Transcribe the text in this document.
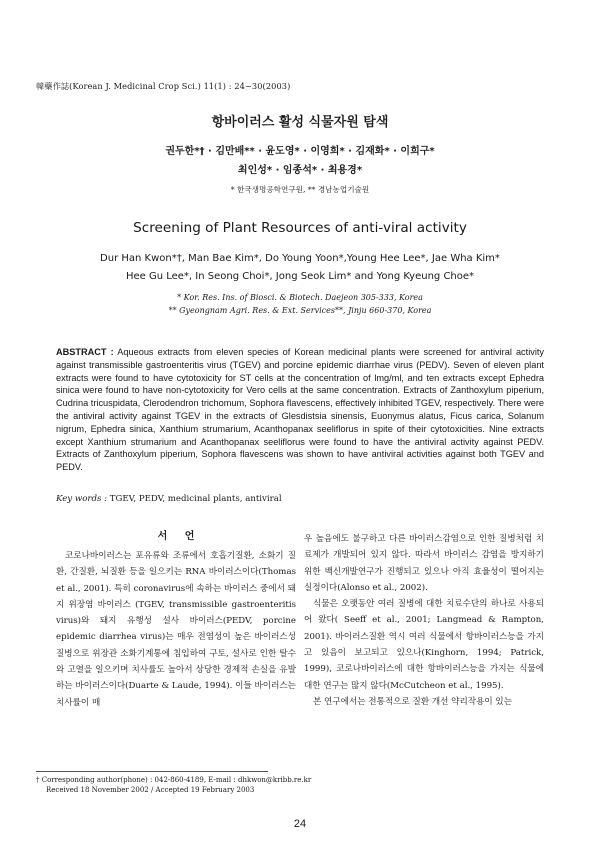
韓藥作誌(Korean J. Medicinal Crop Sci.) 11(1) : 24~30(2003)
항바이러스 활성 식물자원 탐색
권두한*† · 김만배** · 윤도영* · 이영희* · 김재화* · 이희구*
최인성* · 임종석* · 최용경*
* 한국생명공학연구원, ** 경남농업기술원
Screening of Plant Resources of anti-viral activity
Dur Han Kwon*†, Man Bae Kim*, Do Young Yoon*,Young Hee Lee*, Jae Wha Kim*
Hee Gu Lee*, In Seong Choi*, Jong Seok Lim* and Yong Kyeung Choe*
* Kor. Res. Ins. of Biosci. & Biotech. Daejeon 305-333, Korea
** Gyeongnam Agri. Res. & Ext. Services**, Jinju 660-370, Korea

ABSTRACT : Aqueous extracts from eleven species of Korean medicinal plants were screened for antiviral activity against transmissible gastroenteritis virus (TGEV) and porcine epidemic diarrhae virus (PEDV). Seven of eleven plant extracts were found to have cytotoxicity for ST cells at the concentration of lmg/ml, and ten extracts except Ephedra sinica were found to have non-cytotoxicity for Vero cells at the same concentration. Extracts of Zanthoxylum piperium, Cudrina tricuspidata, Clerodendron trichomum, Sophora flavescens, effectively inhibited TGEV, respectively. There were the antiviral activity against TGEV in the extracts of Glesdistsia sinensis, Euonymus alatus, Ficus carica, Solanum nigrum, Ephedra sinica, Xanthium strumarium, Acanthopanax seeliflorus in spite of their cytotoxicities. Nine extracts except Xanthium strumarium and Acanthopanax seeliflorus were found to have the antiviral activity against PEDV. Extracts of Zanthoxylum piperium, Sophora flavescens was shown to have antiviral activities against both TGEV and PEDV.

Key words : TGEV, PEDV, medicinal plants, antiviral

서 언

코로나바이러스는 포유류와 조류에서 호흡기질환, 소화기 질환, 간질환, 뇌질환 등을 일으키는 RNA 바이러스이다(Thomas et al., 2001). 특히 coronavirus에 속하는 바이러스 중에서 돼지 위장염 바이러스 (TGEV, transmissible gastroenteritis virus)와 돼지 유행성 설사 바이러스(PEDV, porcine epidemic diarrhea virus)는 매우 전염성이 높은 바이러스성 질병으로 위장관 소화기계통에 침입하여 구토, 설사로 인한 탈수와 고열을 일으키며 치사률도 높아서 상당한 경제적 손실을 유발하는 바이러스이다(Duarte & Laude, 1994). 이들 바이러스는 치사률이 매

우 높음에도 불구하고 다른 바이러스감염으로 인한 질병처럼 치료제가 개발되어 있지 않다. 따라서 바이러스 감염을 방지하기 위한 백신개발연구가 진행되고 있으나 아직 효율성이 떨어지는 실정이다(Alonso et al., 2002).

식물은 오랫동안 여러 질병에 대한 치료수단의 하나로 사용되어 왔다( Seeff et al., 2001; Langmead & Rampton, 2001). 바이러스질환 역시 여러 식물에서 항바이러스능을 가지고 있음이 보고되고 있으나(Kinghorn, 1994; Patrick, 1999), 코로나바이러스에 대한 항바이러스능을 가지는 식물에 대한 연구는 많지 않다(McCutcheon et al., 1995).

본 연구에서는 전통적으로 질환 개선 약리작용이 있는

† Corresponding author(phone) : 042-860-4189, E-mail : dhkwon@kribb.re.kr
Received 18 November 2002 / Accepted 19 February 2003
24
